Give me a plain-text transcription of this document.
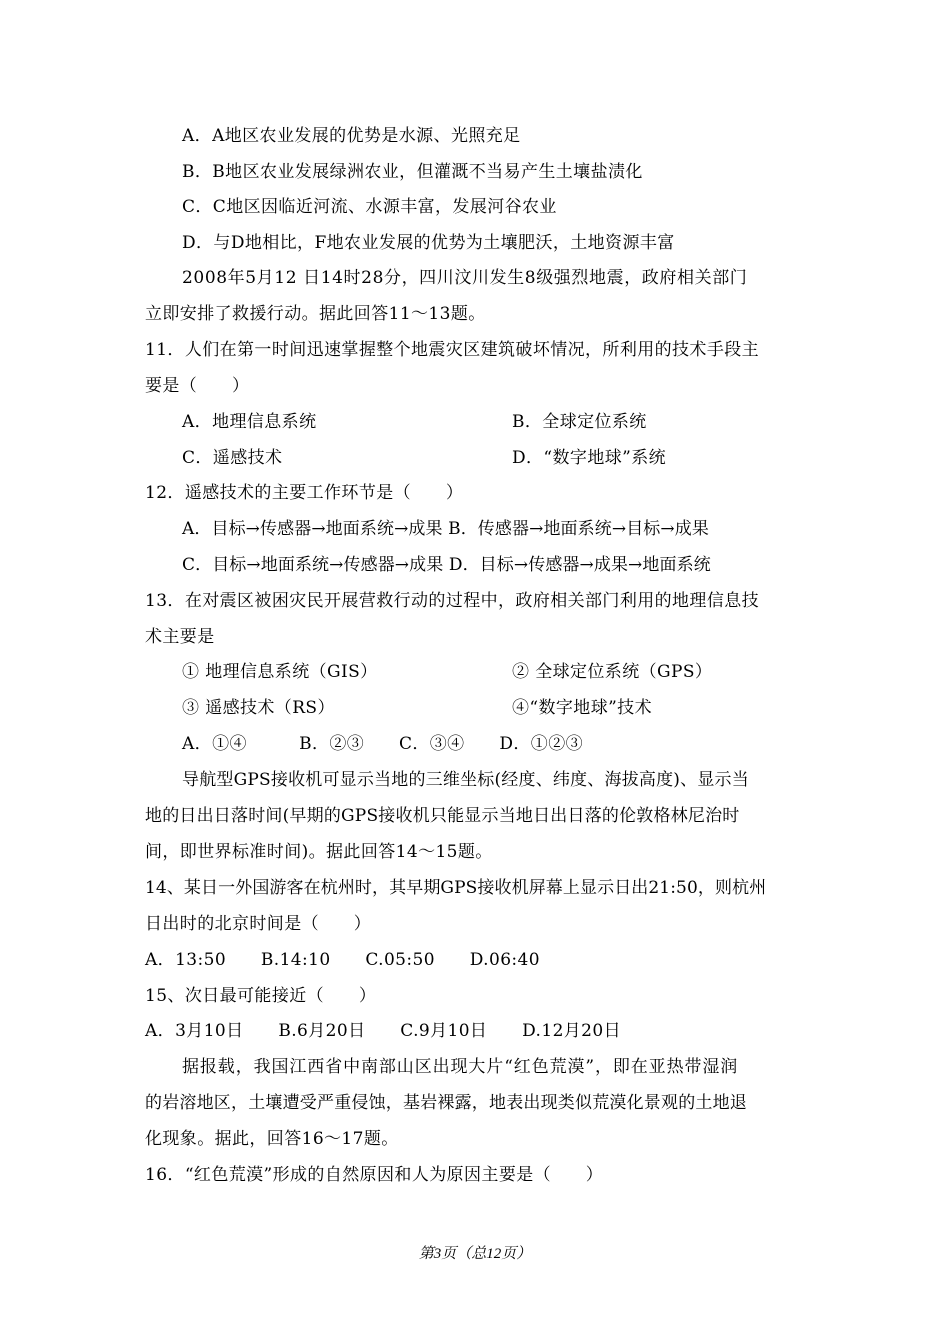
A．A地区农业发展的优势是水源、光照充足
B．B地区农业发展绿洲农业，但灌溉不当易产生土壤盐渍化
C．C地区因临近河流、水源丰富，发展河谷农业
D．与D地相比，F地农业发展的优势为土壤肥沃，土地资源丰富
2008年5月12 日14时28分，四川汶川发生8级强烈地震，政府相关部门
立即安排了救援行动。据此回答11～13题。
11．人们在第一时间迅速掌握整个地震灾区建筑破坏情况，所利用的技术手段主
要是（　　）
A．地理信息系统	B．全球定位系统
C．遥感技术	D．“数字地球”系统
12．遥感技术的主要工作环节是（　　）
A．目标→传感器→地面系统→成果 B．传感器→地面系统→目标→成果
C．目标→地面系统→传感器→成果 D．目标→传感器→成果→地面系统
13．在对震区被困灾民开展营救行动的过程中，政府相关部门利用的地理信息技
术主要是
① 地理信息系统（GIS）	② 全球定位系统（GPS）
③ 遥感技术（RS）	④“数字地球”技术
A．①④　　　B．②③　　C．③④　　D．①②③
导航型GPS接收机可显示当地的三维坐标(经度、纬度、海拔高度)、显示当
地的日出日落时间(早期的GPS接收机只能显示当地日出日落的伦敦格林尼治时
间，即世界标准时间)。据此回答14～15题。
14、某日一外国游客在杭州时，其早期GPS接收机屏幕上显示日出21:50，则杭州
日出时的北京时间是（　　）
A．13:50　　B.14:10　　C.05:50　　D.06:40
15、次日最可能接近（　　）
A．3月10日　　B.6月20日　　C.9月10日　　D.12月20日
据报载，我国江西省中南部山区出现大片“红色荒漠”，即在亚热带湿润
的岩溶地区，土壤遭受严重侵蚀，基岩裸露，地表出现类似荒漠化景观的土地退
化现象。据此，回答16～17题。
16．“红色荒漠”形成的自然原因和人为原因主要是（　　）
第3页（总12页）
